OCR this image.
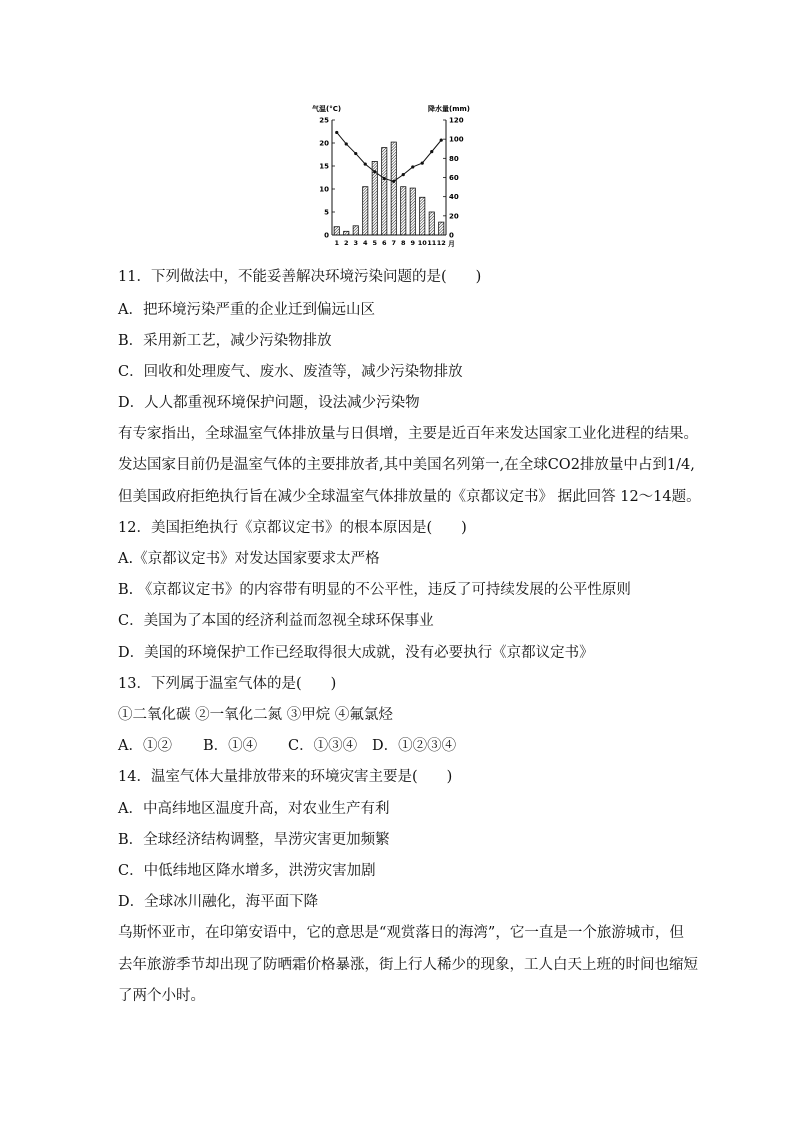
气温(°C)	降水量(mm)
25
20
15
10
5
0
120
100
80
60
40
20
0
1 2 3 4 5 6 7 8 9 10 11 12 月
11．下列做法中，不能妥善解决环境污染问题的是(　　)
A．把环境污染严重的企业迁到偏远山区
B．采用新工艺，减少污染物排放
C．回收和处理废气、废水、废渣等，减少污染物排放
D．人人都重视环境保护问题，设法减少污染物
有专家指出，全球温室气体排放量与日俱增，主要是近百年来发达国家工业化进程的结果。
发达国家目前仍是温室气体的主要排放者,其中美国名列第一,在全球CO2排放量中占到1/4,
但美国政府拒绝执行旨在减少全球温室气体排放量的《京都议定书》 据此回答 12～14题。
12．美国拒绝执行《京都议定书》的根本原因是(　　)
A.《京都议定书》对发达国家要求太严格
B. 《京都议定书》的内容带有明显的不公平性，违反了可持续发展的公平性原则
C．美国为了本国的经济利益而忽视全球环保事业
D．美国的环境保护工作已经取得很大成就，没有必要执行《京都议定书》
13．下列属于温室气体的是(　　)
①二氧化碳 ②一氧化二氮 ③甲烷 ④氟氯烃
A．①② B．①④ C．①③④ D．①②③④
14．温室气体大量排放带来的环境灾害主要是(　　)
A．中高纬地区温度升高，对农业生产有利
B．全球经济结构调整，旱涝灾害更加频繁
C．中低纬地区降水增多，洪涝灾害加剧
D．全球冰川融化，海平面下降
乌斯怀亚市，在印第安语中，它的意思是“观赏落日的海湾”，它一直是一个旅游城市，但
去年旅游季节却出现了防晒霜价格暴涨，街上行人稀少的现象，工人白天上班的时间也缩短
了两个小时。
